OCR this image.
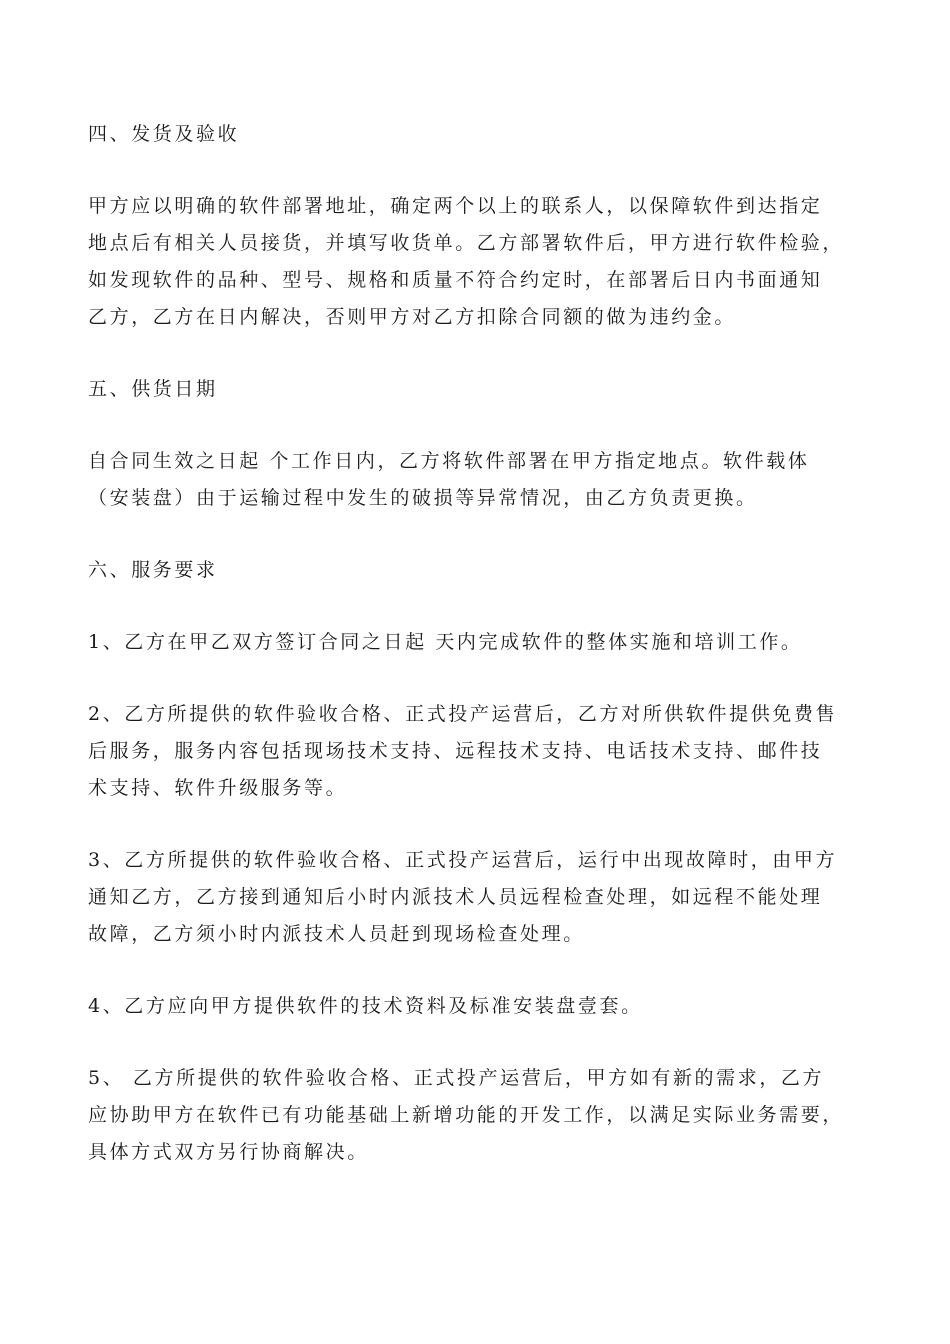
四、发货及验收

甲方应以明确的软件部署地址，确定两个以上的联系人，以保障软件到达指定
地点后有相关人员接货，并填写收货单。乙方部署软件后，甲方进行软件检验，
如发现软件的品种、型号、规格和质量不符合约定时，在部署后日内书面通知
乙方，乙方在日内解决，否则甲方对乙方扣除合同额的做为违约金。

五、供货日期

自合同生效之日起 个工作日内，乙方将软件部署在甲方指定地点。软件载体
（安装盘）由于运输过程中发生的破损等异常情况，由乙方负责更换。

六、服务要求

1、乙方在甲乙双方签订合同之日起 天内完成软件的整体实施和培训工作。

2、乙方所提供的软件验收合格、正式投产运营后，乙方对所供软件提供免费售
后服务，服务内容包括现场技术支持、远程技术支持、电话技术支持、邮件技
术支持、软件升级服务等。

3、乙方所提供的软件验收合格、正式投产运营后，运行中出现故障时，由甲方
通知乙方，乙方接到通知后小时内派技术人员远程检查处理，如远程不能处理
故障，乙方须小时内派技术人员赶到现场检查处理。

4、乙方应向甲方提供软件的技术资料及标准安装盘壹套。

5、 乙方所提供的软件验收合格、正式投产运营后，甲方如有新的需求，乙方
应协助甲方在软件已有功能基础上新增功能的开发工作，以满足实际业务需要，
具体方式双方另行协商解决。
